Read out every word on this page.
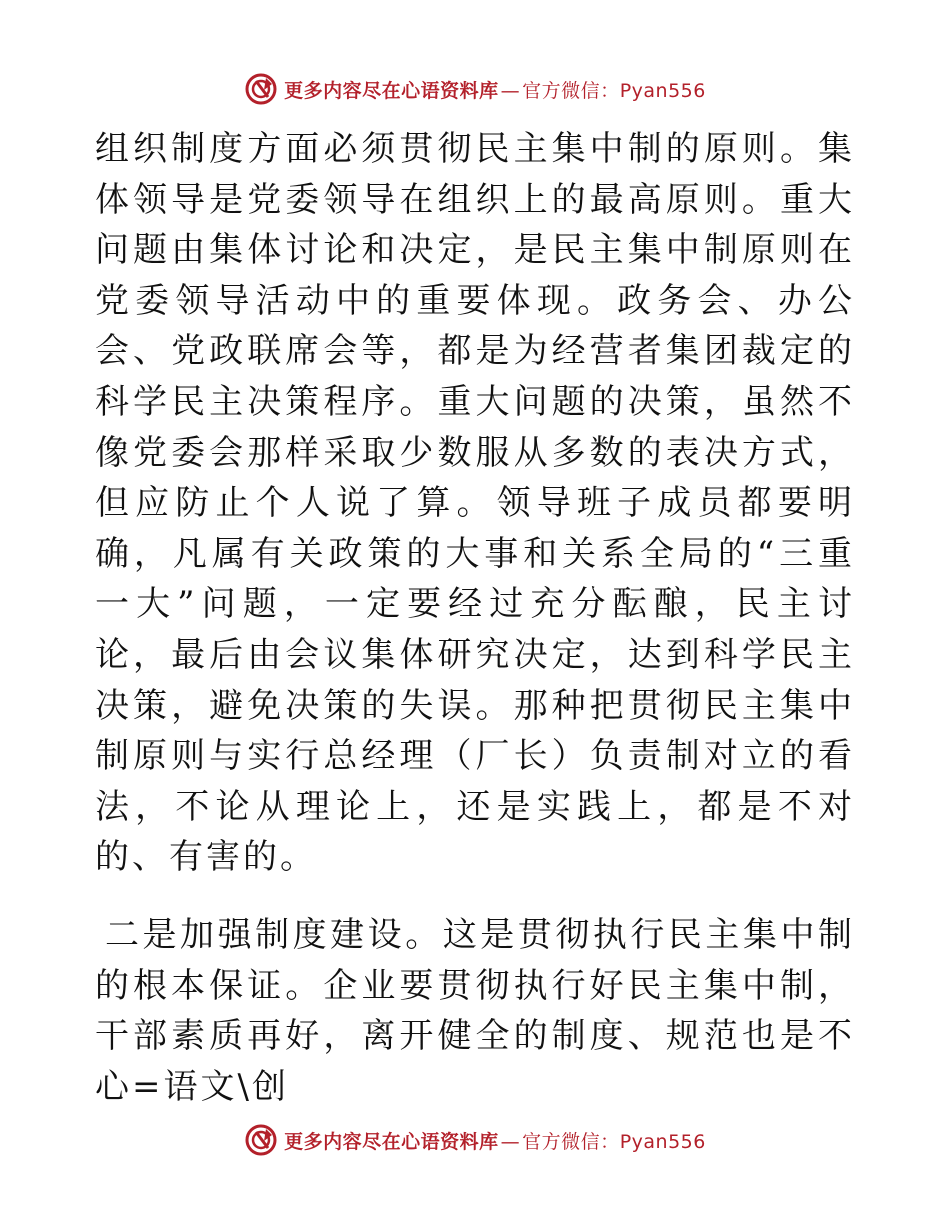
更多内容尽在心语资料库 — 官方微信：Pyan556

组织制度方面必须贯彻民主集中制的原则。集体领导是党委领导在组织上的最高原则。重大问题由集体讨论和决定，是民主集中制原则在党委领导活动中的重要体现。政务会、办公会、党政联席会等，都是为经营者集团裁定的科学民主决策程序。重大问题的决策，虽然不像党委会那样采取少数服从多数的表决方式，但应防止个人说了算。领导班子成员都要明确，凡属有关政策的大事和关系全局的“三重一大”问题，一定要经过充分酝酿，民主讨论，最后由会议集体研究决定，达到科学民主决策，避免决策的失误。那种把贯彻民主集中制原则与实行总经理（厂长）负责制对立的看法，不论从理论上，还是实践上，都是不对的、有害的。

二是加强制度建设。这是贯彻执行民主集中制的根本保证。企业要贯彻执行好民主集中制，干部素质再好，离开健全的制度、规范也是不心=语文\创

更多内容尽在心语资料库 — 官方微信：Pyan556
